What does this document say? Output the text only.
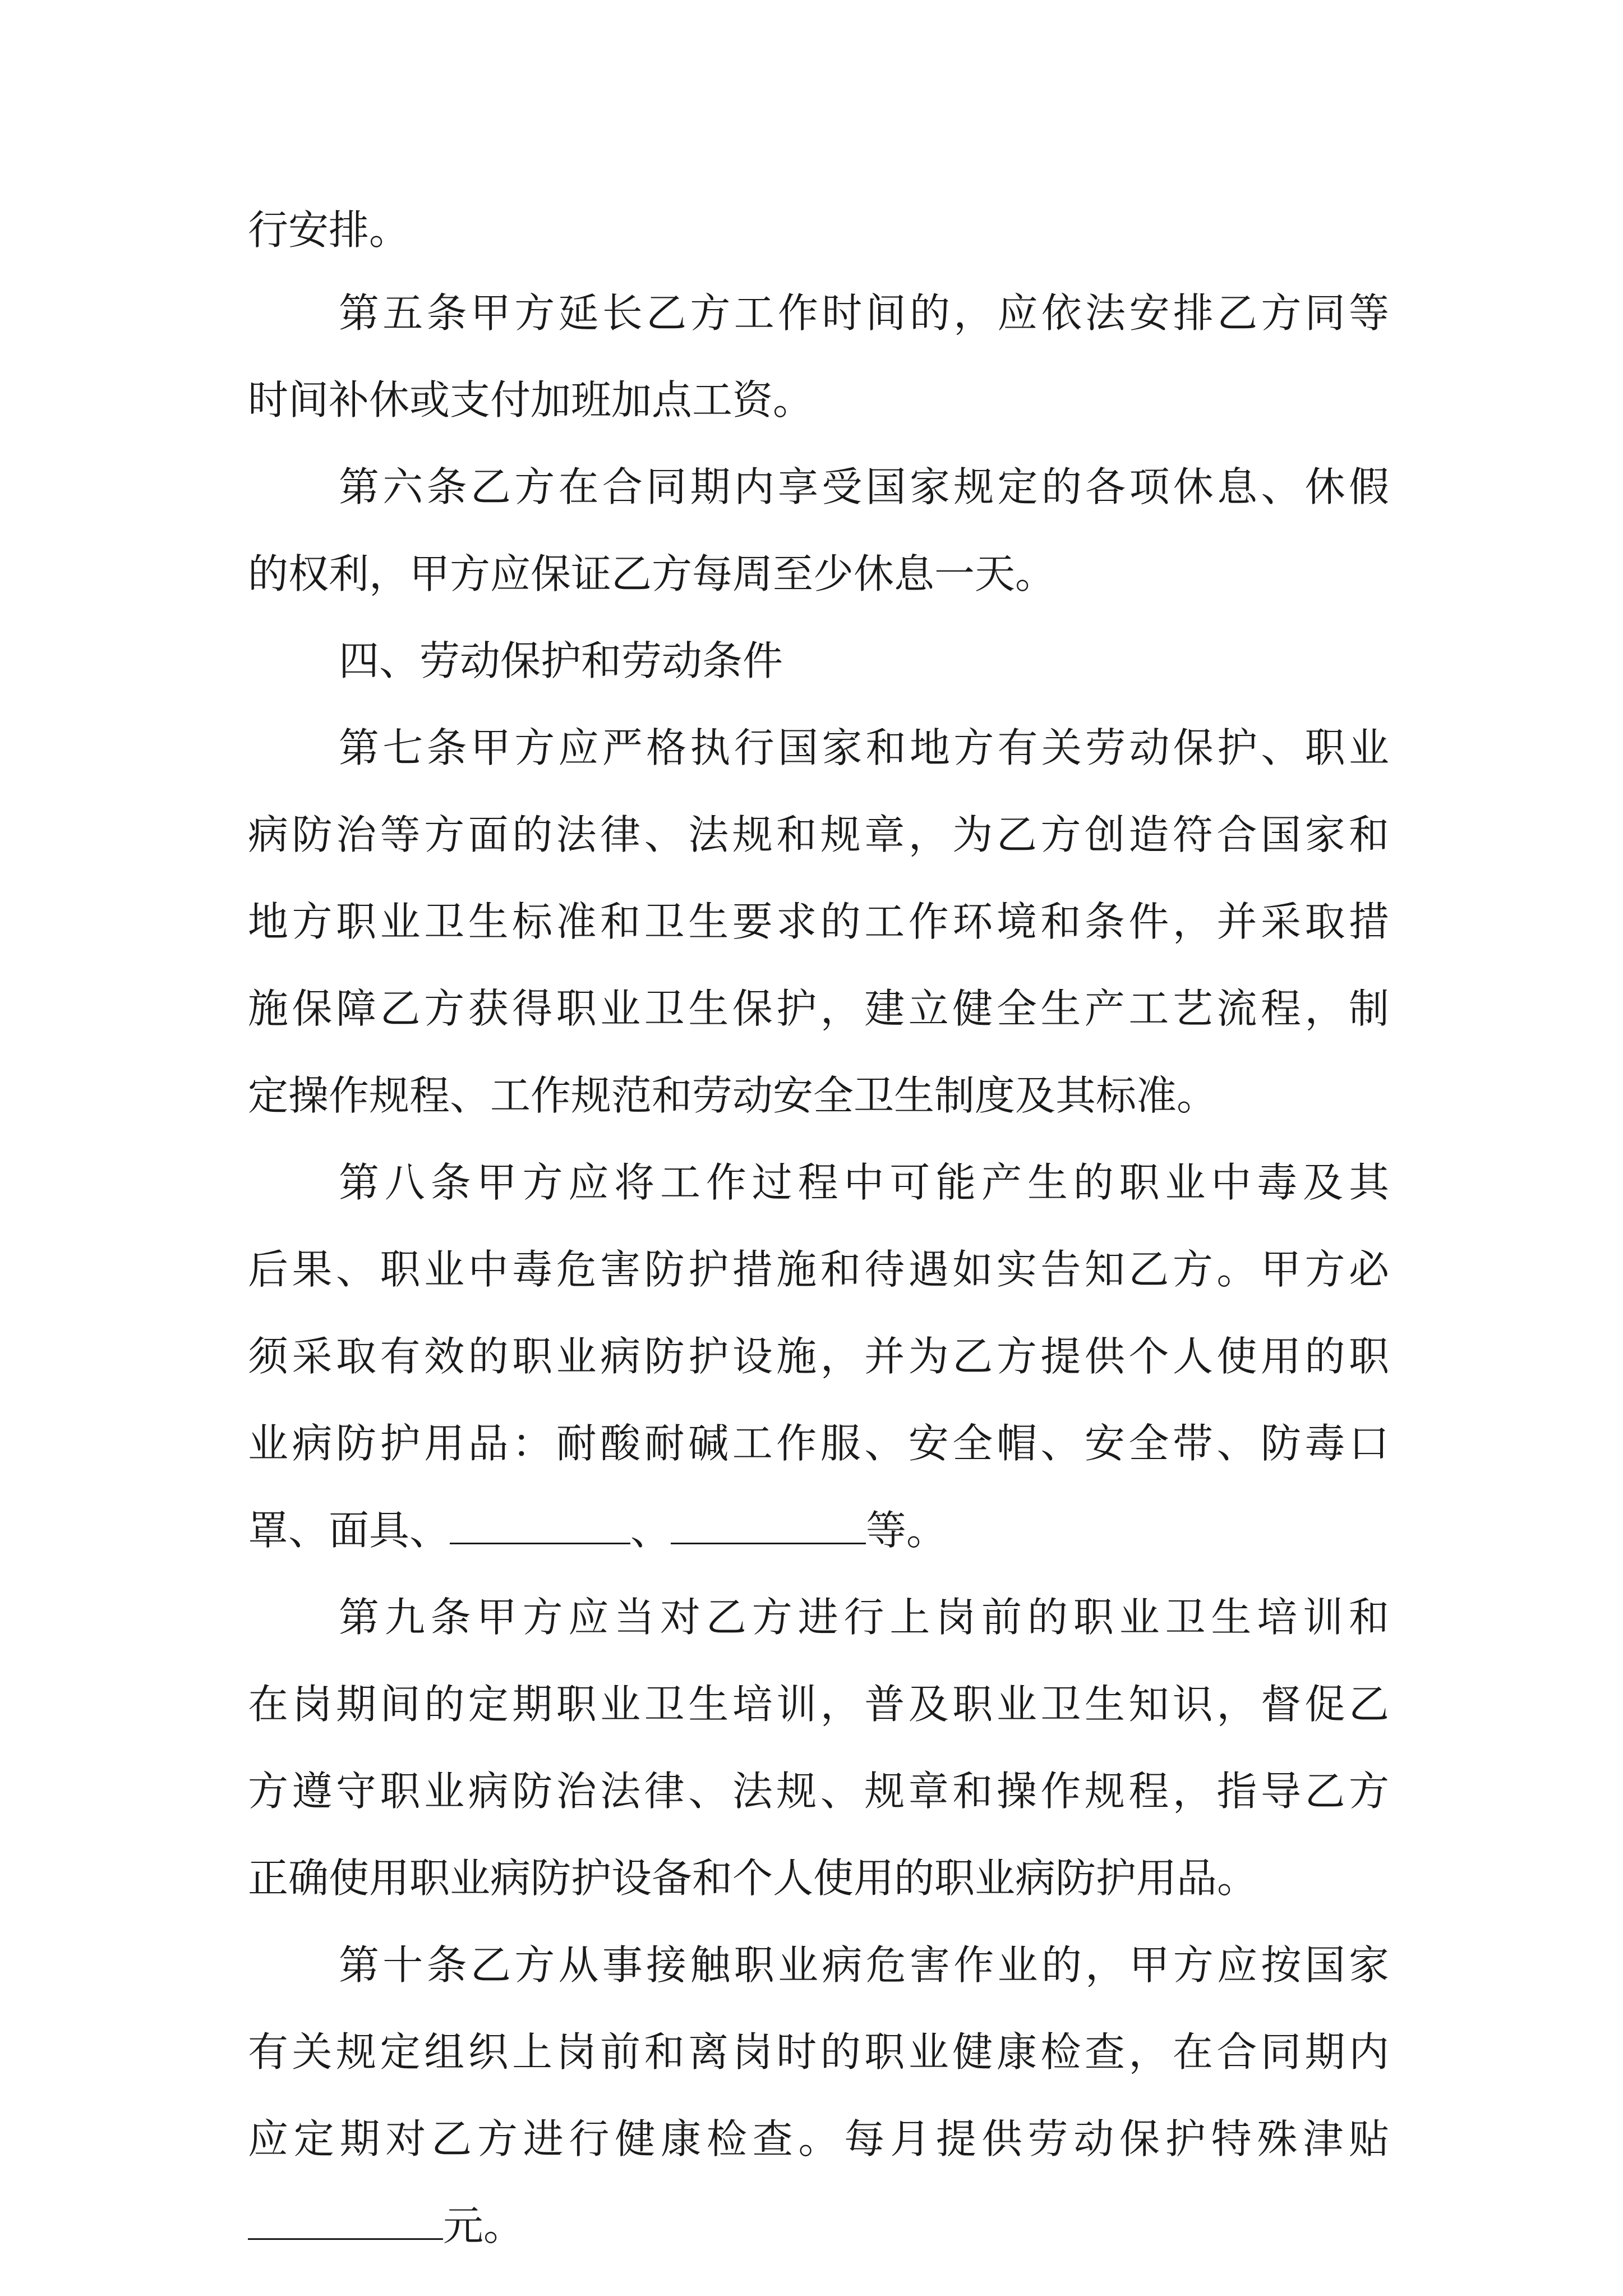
行安排。
第五条甲方延长乙方工作时间的，应依法安排乙方同等
时间补休或支付加班加点工资。
第六条乙方在合同期内享受国家规定的各项休息、休假
的权利，甲方应保证乙方每周至少休息一天。
四、劳动保护和劳动条件
第七条甲方应严格执行国家和地方有关劳动保护、职业
病防治等方面的法律、法规和规章，为乙方创造符合国家和
地方职业卫生标准和卫生要求的工作环境和条件，并采取措
施保障乙方获得职业卫生保护，建立健全生产工艺流程，制
定操作规程、工作规范和劳动安全卫生制度及其标准。
第八条甲方应将工作过程中可能产生的职业中毒及其
后果、职业中毒危害防护措施和待遇如实告知乙方。甲方必
须采取有效的职业病防护设施，并为乙方提供个人使用的职
业病防护用品：耐酸耐碱工作服、安全帽、安全带、防毒口
罩、面具、	、	等。
第九条甲方应当对乙方进行上岗前的职业卫生培训和
在岗期间的定期职业卫生培训，普及职业卫生知识，督促乙
方遵守职业病防治法律、法规、规章和操作规程，指导乙方
正确使用职业病防护设备和个人使用的职业病防护用品。
第十条乙方从事接触职业病危害作业的，甲方应按国家
有关规定组织上岗前和离岗时的职业健康检查，在合同期内
应定期对乙方进行健康检查。每月提供劳动保护特殊津贴
元。
